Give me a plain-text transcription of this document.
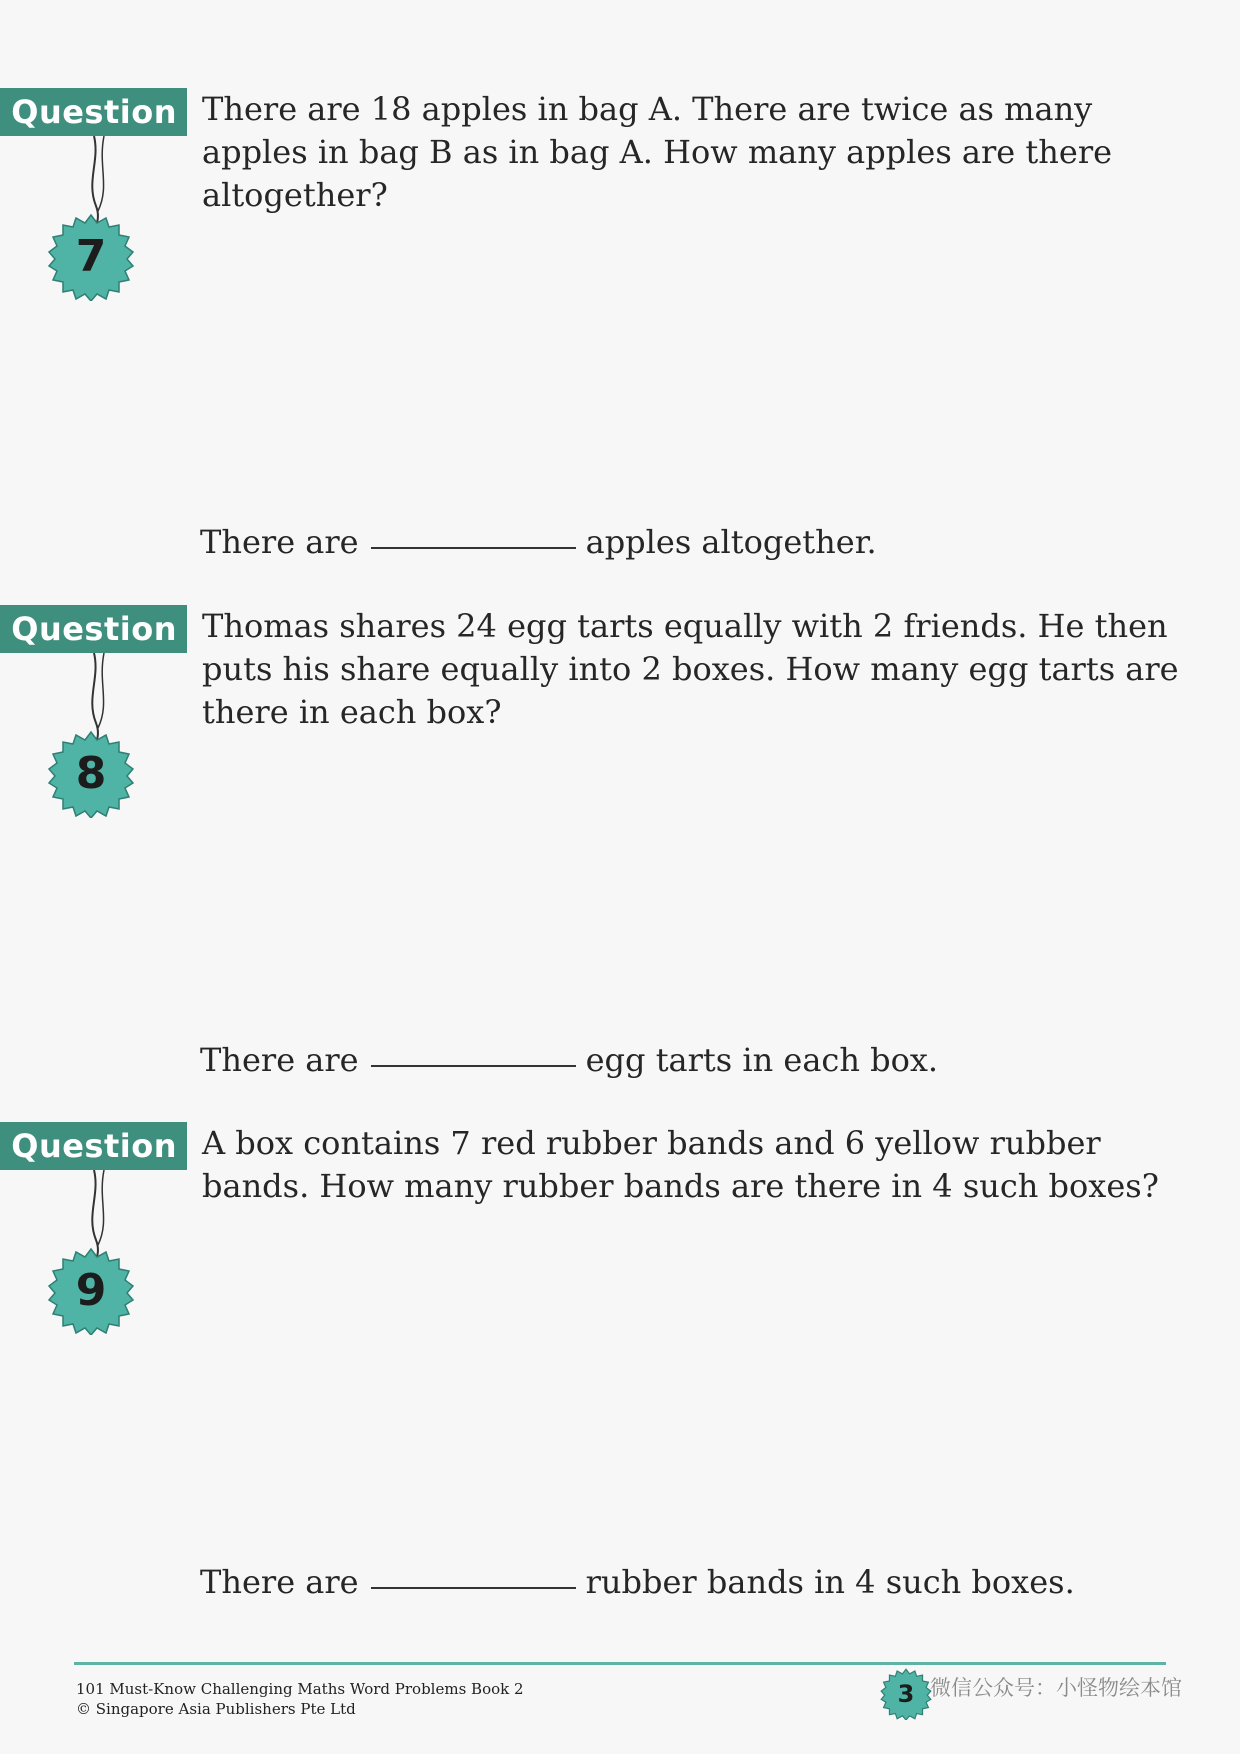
Question
7

There are 18 apples in bag A. There are twice as many apples in bag B as in bag A. How many apples are there altogether?

There are	apples altogether.
Question
8

Thomas shares 24 egg tarts equally with 2 friends. He then puts his share equally into 2 boxes. How many egg tarts are there in each box?

There are	egg tarts in each box.
Question
9

A box contains 7 red rubber bands and 6 yellow rubber bands. How many rubber bands are there in 4 such boxes?

There are	rubber bands in 4 such boxes.
101 Must-Know Challenging Maths Word Problems Book 2
© Singapore Asia Publishers Pte Ltd
3 微信公众号：小怪物绘本馆
